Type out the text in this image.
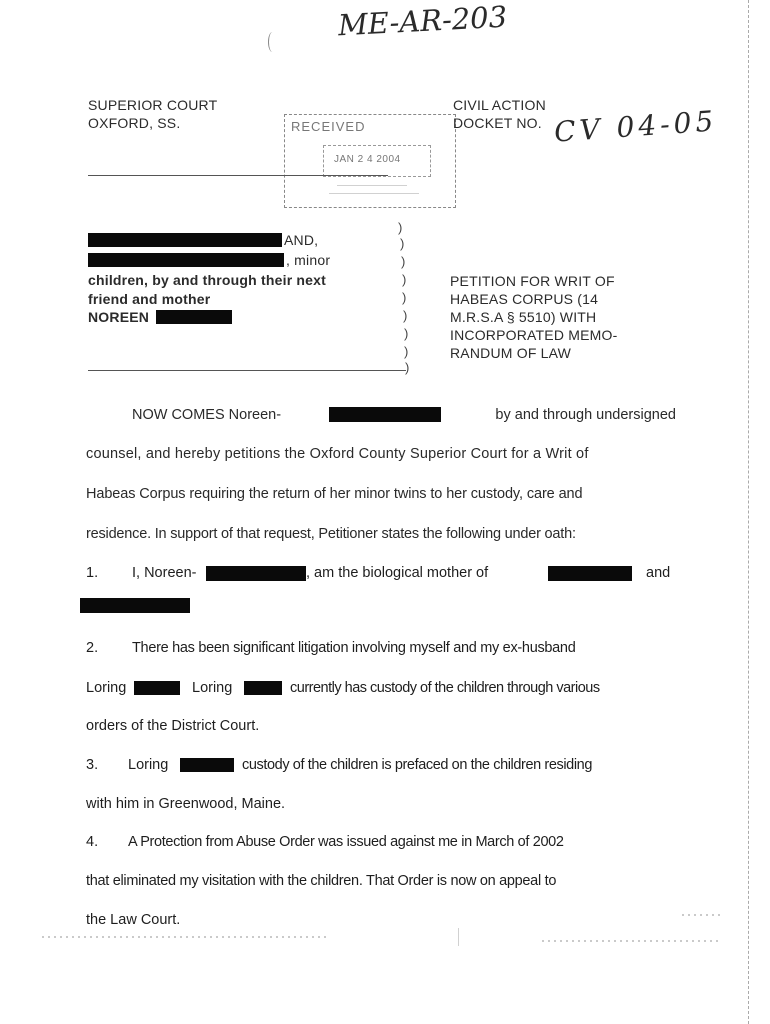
ME-AR-203
SUPERIOR COURT
OXFORD, SS.	RECEIVED
JAN 2 4 2004
CIVIL ACTION
DOCKET NO. CV 04-05
AND,
, minor
children, by and through their next
friend and mother
NOREEN
)
)
)
)
)
)
)
)
)
PETITION FOR WRIT OF
HABEAS CORPUS (14
M.R.S.A § 5510) WITH
INCORPORATED MEMO-
RANDUM OF LAW
NOW COMES Noreen-	by and through undersigned
counsel, and hereby petitions the Oxford County Superior Court for a Writ of
Habeas Corpus requiring the return of her minor twins to her custody, care and
residence. In support of that request, Petitioner states the following under oath:
1. I, Noreen-	, am the biological mother of	and
2. There has been significant litigation involving myself and my ex-husband
Loring	Loring	currently has custody of the children through various
orders of the District Court.
3. Loring	custody of the children is prefaced on the children residing
with him in Greenwood, Maine.
4. A Protection from Abuse Order was issued against me in March of 2002
that eliminated my visitation with the children. That Order is now on appeal to
the Law Court.
